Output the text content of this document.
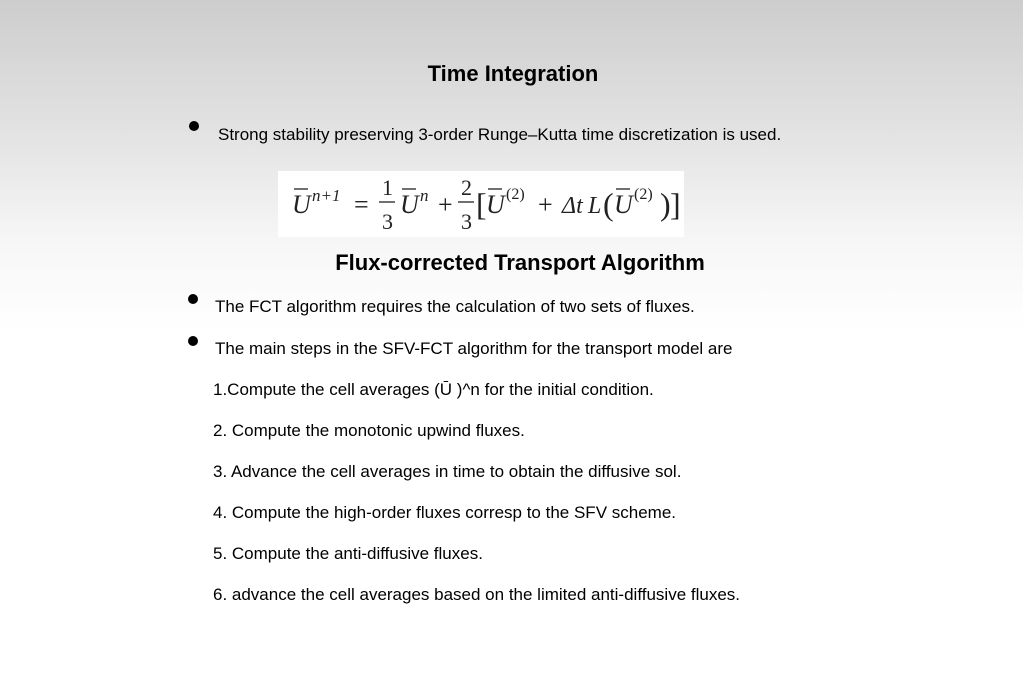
Time Integration
Strong stability preserving 3-order Runge–Kutta time discretization is used.
U n+1 =
1
3
U n +
2
3 [ U (2) + Δt L ( U (2) ) ]
Flux-corrected Transport Algorithm
The FCT algorithm requires the calculation of two sets of fluxes.
The main steps in the SFV-FCT algorithm for the transport model are
1.Compute the cell averages (Ū )^n for the initial condition.
2. Compute the monotonic upwind fluxes.
3. Advance the cell averages in time to obtain the diffusive sol.
4. Compute the high-order fluxes corresp to the SFV scheme.
5. Compute the anti-diffusive fluxes.
6. advance the cell averages based on the limited anti-diffusive fluxes.
